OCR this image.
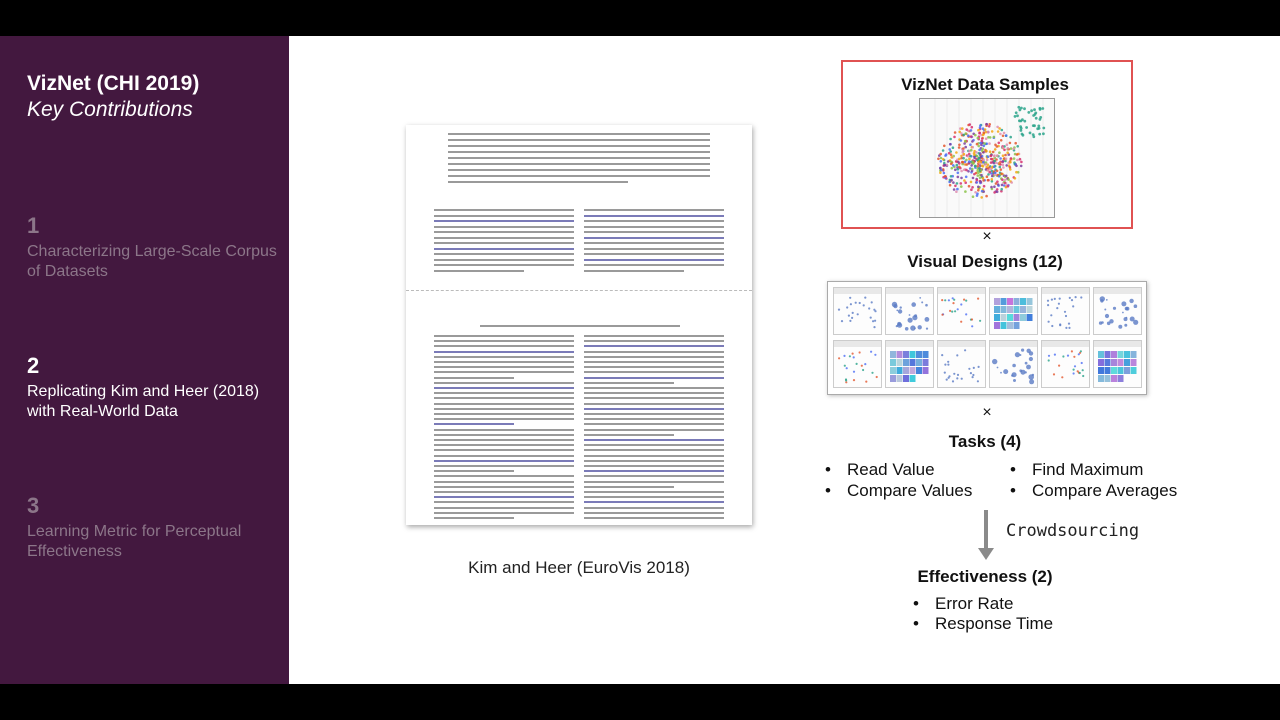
VizNet (CHI 2019)
Key Contributions
1
Characterizing Large-Scale Corpus of Datasets
2
Replicating Kim and Heer (2018) with Real-World Data
3
Learning Metric for Perceptual Effectiveness
Kim and Heer (EuroVis 2018)
VizNet Data Samples
×
Visual Designs (12)
×
Tasks (4)
• Read Value	• Find Maximum
• Compare Values • Compare Averages
Crowdsourcing
Effectiveness (2)
• Error Rate
• Response Time
